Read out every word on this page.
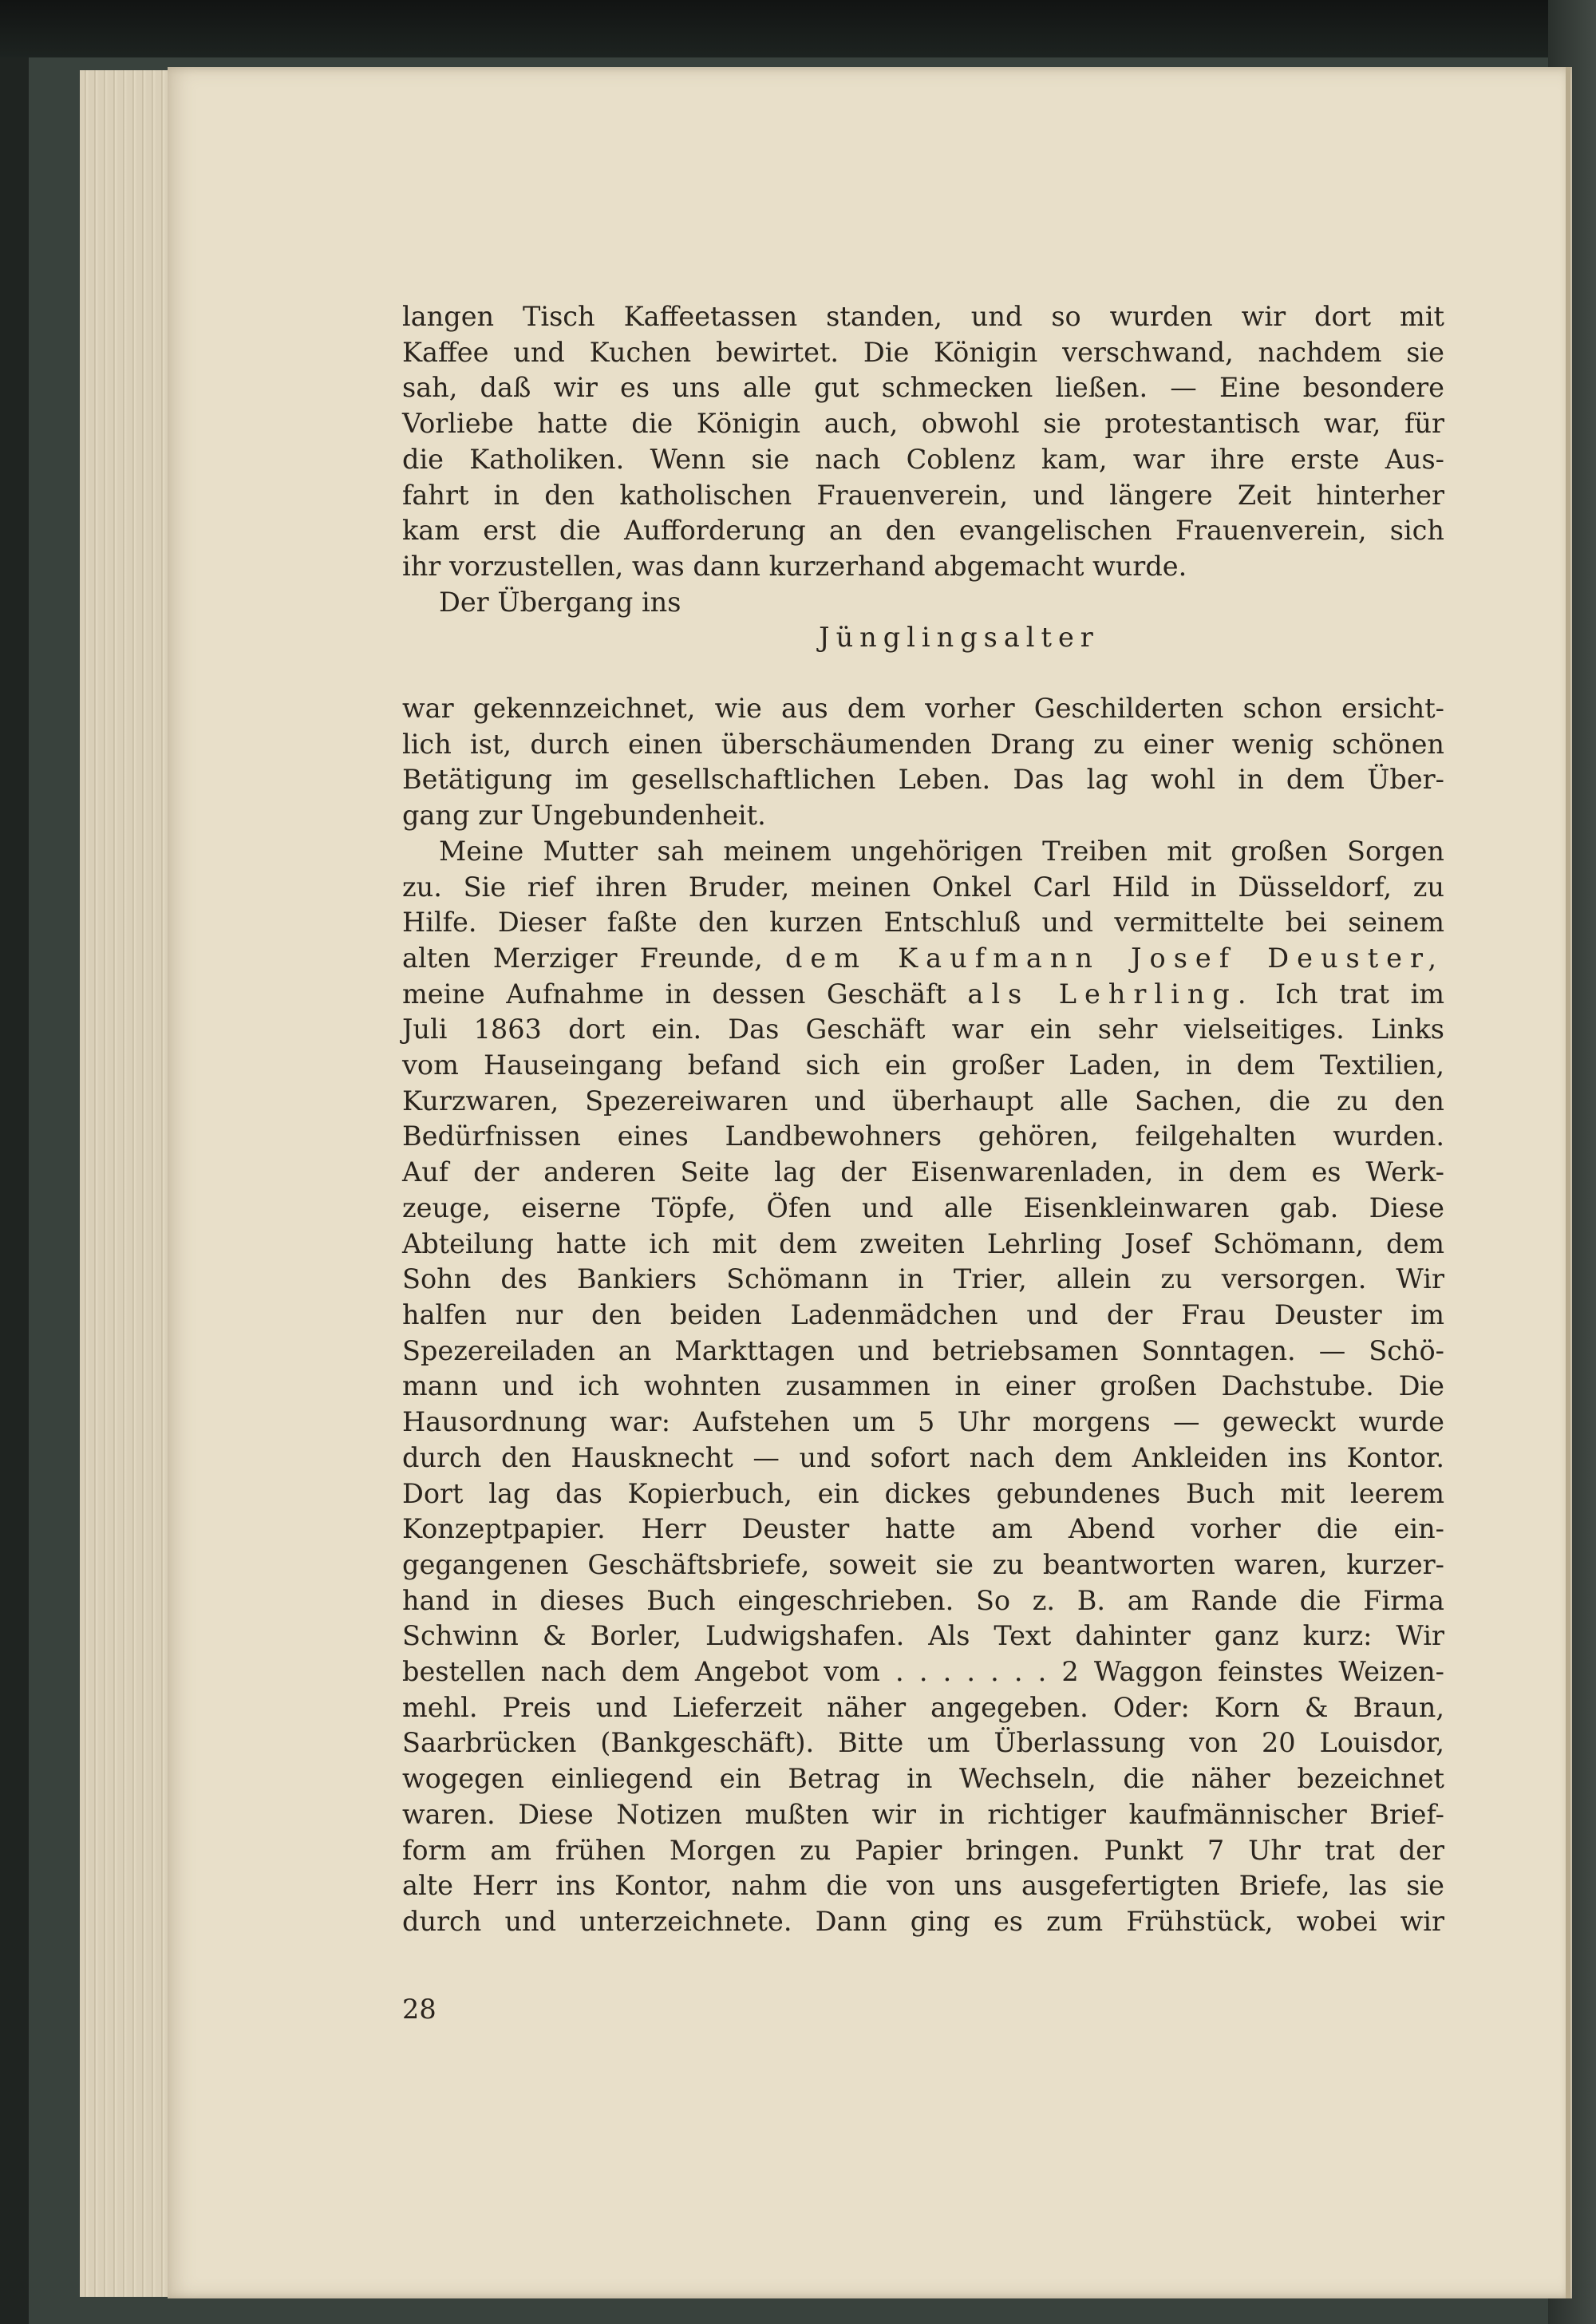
langen Tisch Kaffeetassen standen, und so wurden wir dort mit
Kaffee und Kuchen bewirtet. Die Königin verschwand, nachdem sie
sah, daß wir es uns alle gut schmecken ließen. — Eine besondere
Vorliebe hatte die Königin auch, obwohl sie protestantisch war, für
die Katholiken. Wenn sie nach Coblenz kam, war ihre erste Aus-
fahrt in den katholischen Frauenverein, und längere Zeit hinterher
kam erst die Aufforderung an den evangelischen Frauenverein, sich
ihr vorzustellen, was dann kurzerhand abgemacht wurde.
Der Übergang ins
Jünglingsalter
war gekennzeichnet, wie aus dem vorher Geschilderten schon ersicht-
lich ist, durch einen überschäumenden Drang zu einer wenig schönen
Betätigung im gesellschaftlichen Leben. Das lag wohl in dem Über-
gang zur Ungebundenheit.
Meine Mutter sah meinem ungehörigen Treiben mit großen Sorgen
zu. Sie rief ihren Bruder, meinen Onkel Carl Hild in Düsseldorf, zu
Hilfe. Dieser faßte den kurzen Entschluß und vermittelte bei seinem
alten Merziger Freunde, dem Kaufmann Josef Deuster,
meine Aufnahme in dessen Geschäft als Lehrling. Ich trat im
Juli 1863 dort ein. Das Geschäft war ein sehr vielseitiges. Links
vom Hauseingang befand sich ein großer Laden, in dem Textilien,
Kurzwaren, Spezereiwaren und überhaupt alle Sachen, die zu den
Bedürfnissen eines Landbewohners gehören, feilgehalten wurden.
Auf der anderen Seite lag der Eisenwarenladen, in dem es Werk-
zeuge, eiserne Töpfe, Öfen und alle Eisenkleinwaren gab. Diese
Abteilung hatte ich mit dem zweiten Lehrling Josef Schömann, dem
Sohn des Bankiers Schömann in Trier, allein zu versorgen. Wir
halfen nur den beiden Ladenmädchen und der Frau Deuster im
Spezereiladen an Markttagen und betriebsamen Sonntagen. — Schö-
mann und ich wohnten zusammen in einer großen Dachstube. Die
Hausordnung war: Aufstehen um 5 Uhr morgens — geweckt wurde
durch den Hausknecht — und sofort nach dem Ankleiden ins Kontor.
Dort lag das Kopierbuch, ein dickes gebundenes Buch mit leerem
Konzeptpapier. Herr Deuster hatte am Abend vorher die ein-
gegangenen Geschäftsbriefe, soweit sie zu beantworten waren, kurzer-
hand in dieses Buch eingeschrieben. So z. B. am Rande die Firma
Schwinn & Borler, Ludwigshafen. Als Text dahinter ganz kurz: Wir
bestellen nach dem Angebot vom . . . . . . . 2 Waggon feinstes Weizen-
mehl. Preis und Lieferzeit näher angegeben. Oder: Korn & Braun,
Saarbrücken (Bankgeschäft). Bitte um Überlassung von 20 Louisdor,
wogegen einliegend ein Betrag in Wechseln, die näher bezeichnet
waren. Diese Notizen mußten wir in richtiger kaufmännischer Brief-
form am frühen Morgen zu Papier bringen. Punkt 7 Uhr trat der
alte Herr ins Kontor, nahm die von uns ausgefertigten Briefe, las sie
durch und unterzeichnete. Dann ging es zum Frühstück, wobei wir
28
